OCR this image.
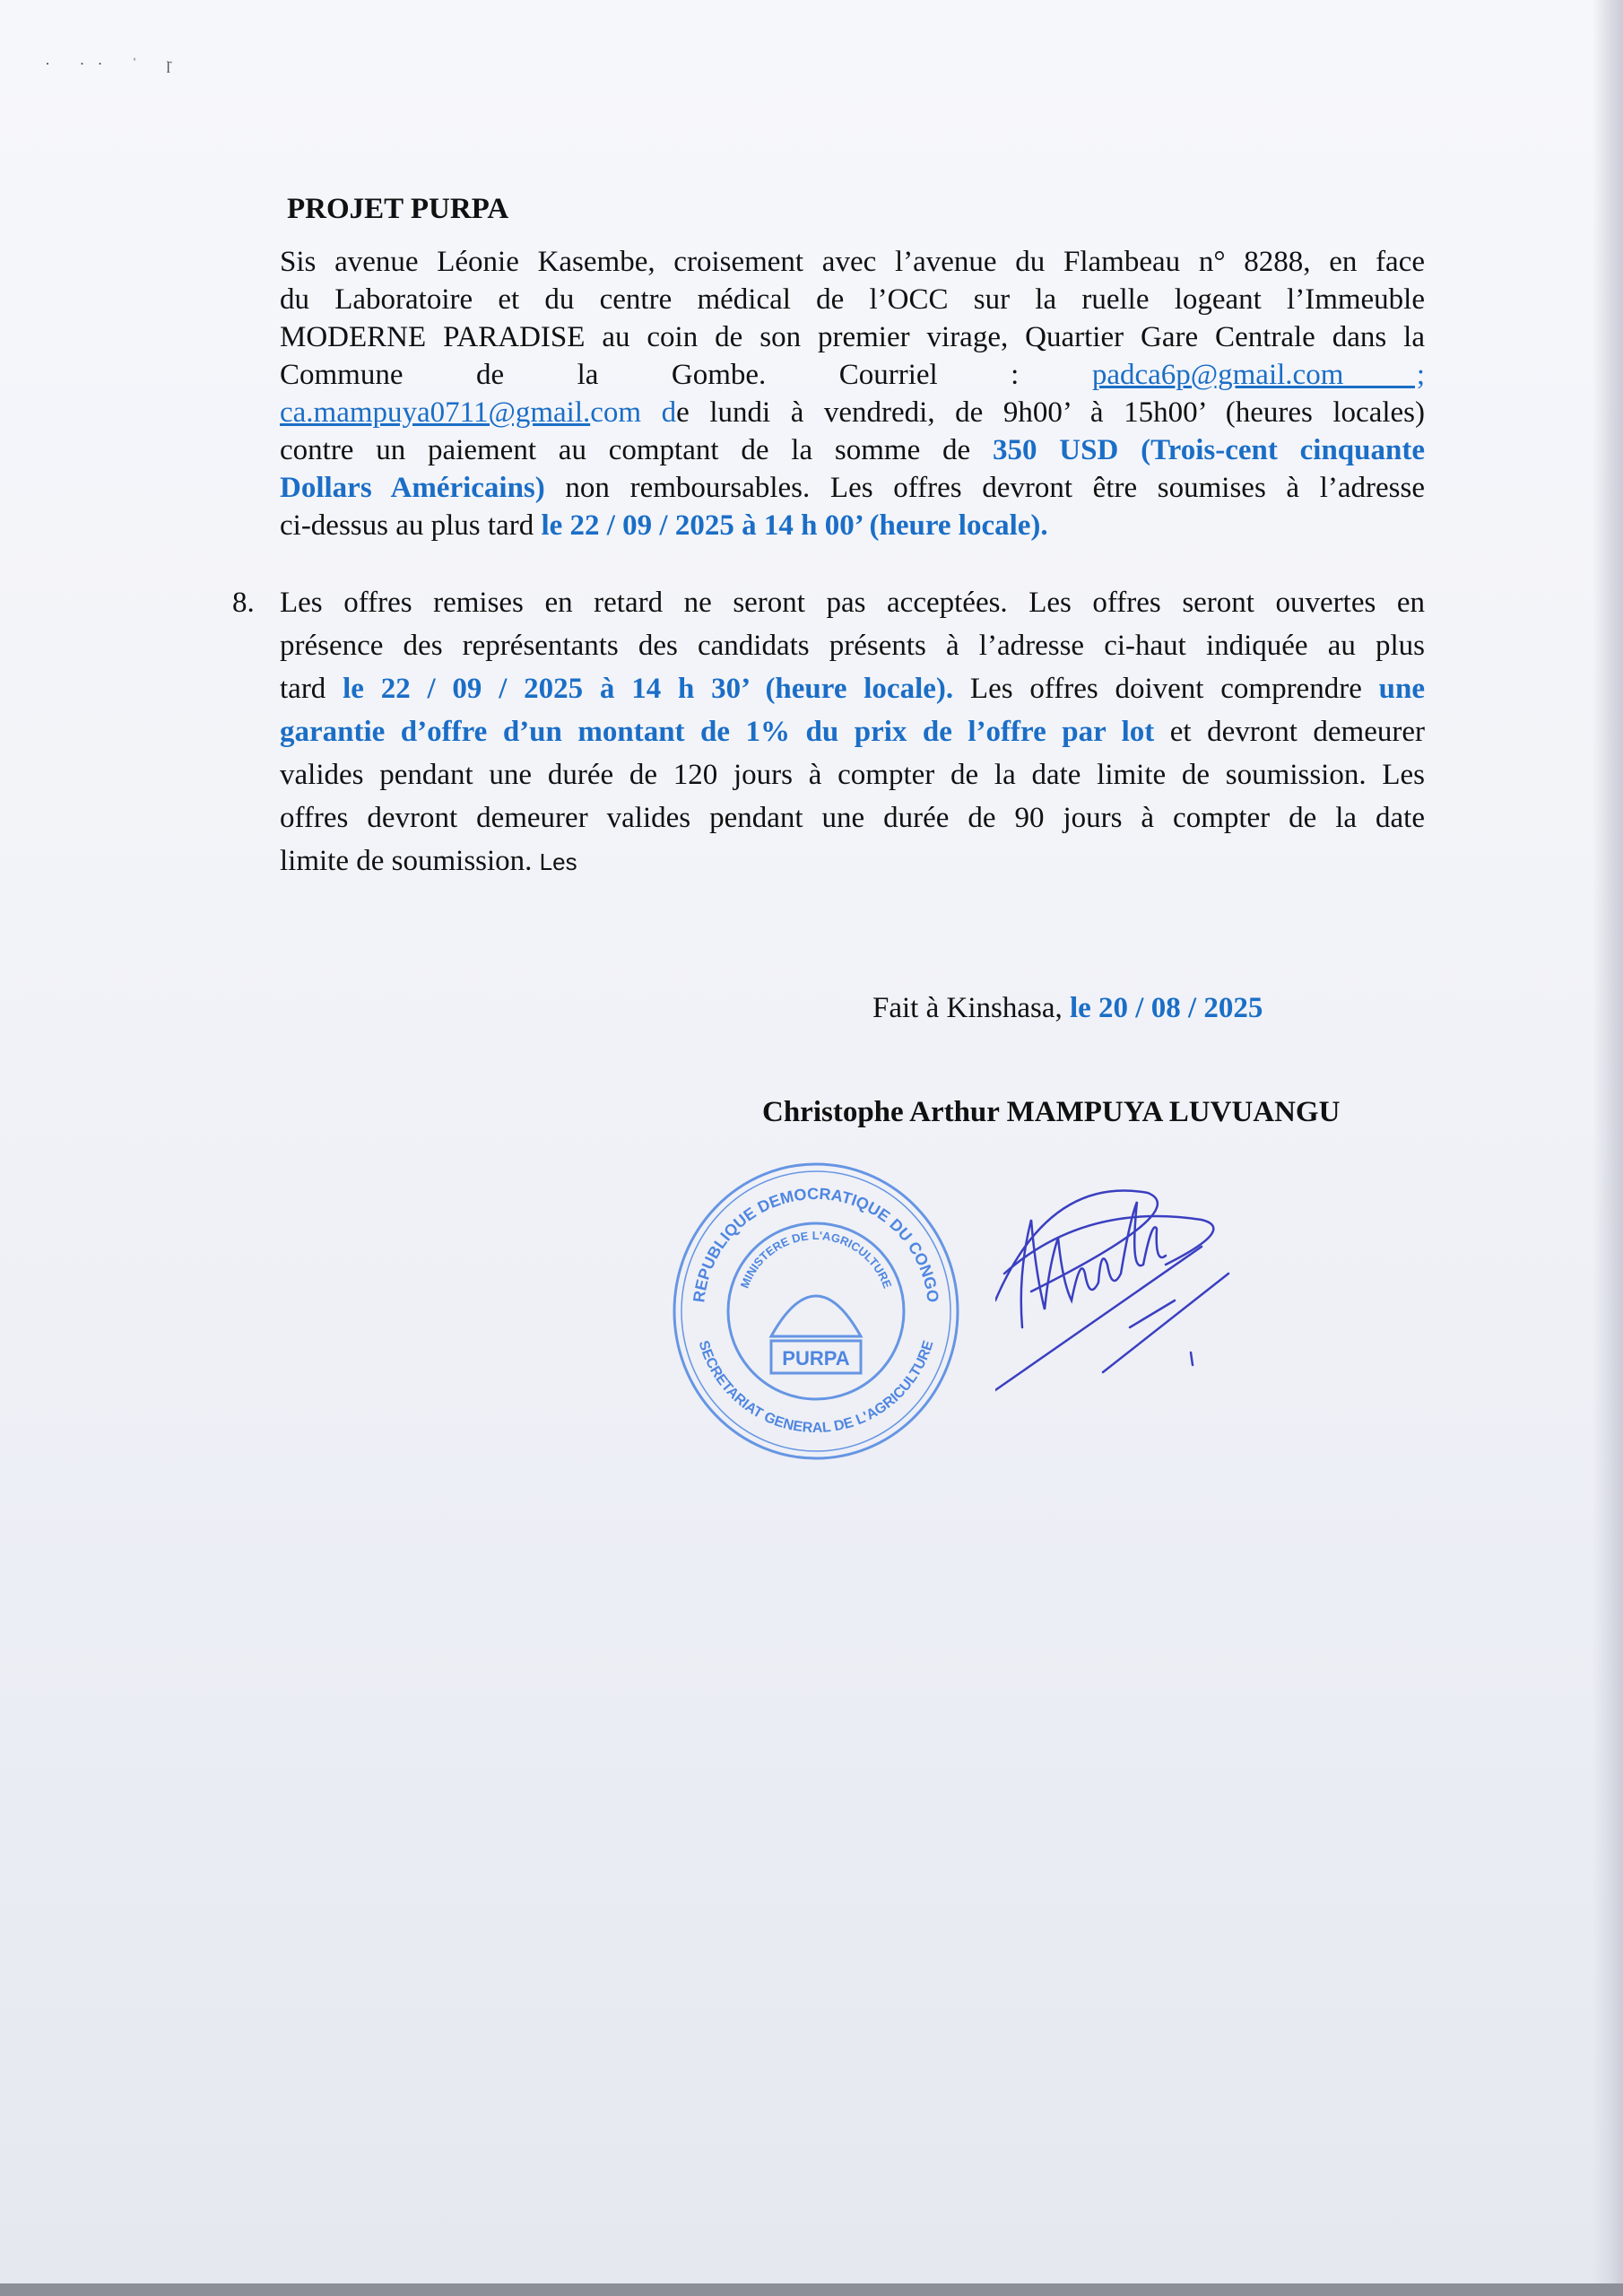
· ·· ˈ ɼ
PROJET PURPA
Sis avenue Léonie Kasembe, croisement avec l’avenue du Flambeau n° 8288, en face
du Laboratoire et du centre médical de l’OCC sur la ruelle logeant l’Immeuble
MODERNE PARADISE au coin de son premier virage, Quartier Gare Centrale dans la
Commune de la Gombe. Courriel : padca6p@gmail.com ;
ca.mampuya0711@gmail.com de lundi à vendredi, de 9h00’ à 15h00’ (heures locales)
contre un paiement au comptant de la somme de 350 USD (Trois-cent cinquante
Dollars Américains) non remboursables. Les offres devront être soumises à l’adresse
ci-dessus au plus tard le 22 / 09 / 2025 à 14 h 00’ (heure locale).
8. Les offres remises en retard ne seront pas acceptées. Les offres seront ouvertes en
présence des représentants des candidats présents à l’adresse ci-haut indiquée au plus
tard le 22 / 09 / 2025 à 14 h 30’ (heure locale). Les offres doivent comprendre une
garantie d’offre d’un montant de 1% du prix de l’offre par lot et devront demeurer
valides pendant une durée de 120 jours à compter de la date limite de soumission. Les
offres devront demeurer valides pendant une durée de 90 jours à compter de la date
limite de soumission. Les
Fait à Kinshasa, le 20 / 08 / 2025
Christophe Arthur MAMPUYA LUVUANGU
REPUBLIQUE DEMOCRATIQUE DU CONGO
MINISTERE DE L'AGRICULTURE
SECRETARIAT GENERAL DE L'AGRICULTURE
PURPA
